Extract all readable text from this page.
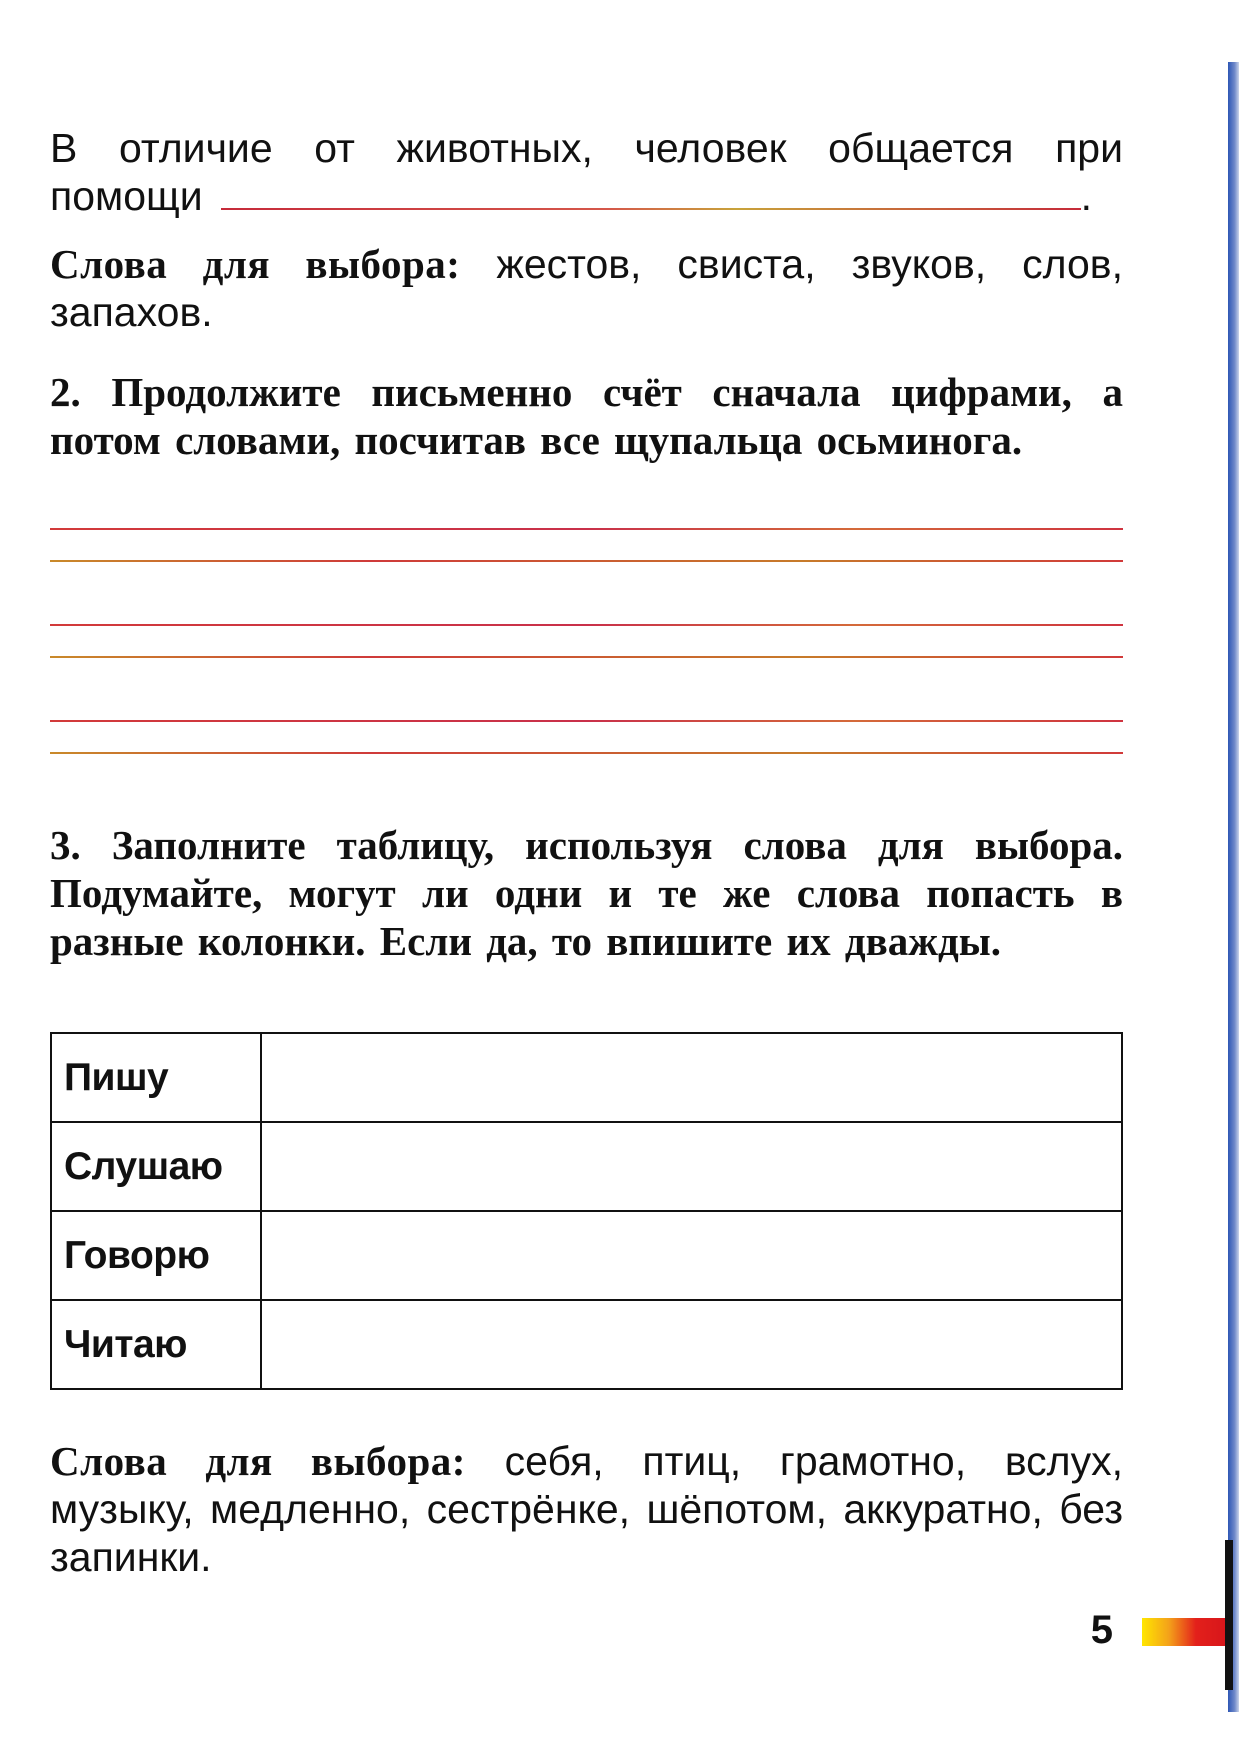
В отличие от животных, человек общается при помощи	.

Слова для выбора: жестов, свиста, звуков, слов, запахов.

2. Продолжите письменно счёт сначала цифрами, а потом словами, посчитав все щупальца осьминога.

3. Заполните таблицу, используя слова для выбора. Подумайте, могут ли одни и те же слова попасть в разные колонки. Если да, то впишите их дважды.

Пишу	
Слушаю	
Говорю	
Читаю	

Слова для выбора: себя, птиц, грамотно, вслух, музыку, медленно, сестрёнке, шёпотом, аккуратно, без запинки.

5
